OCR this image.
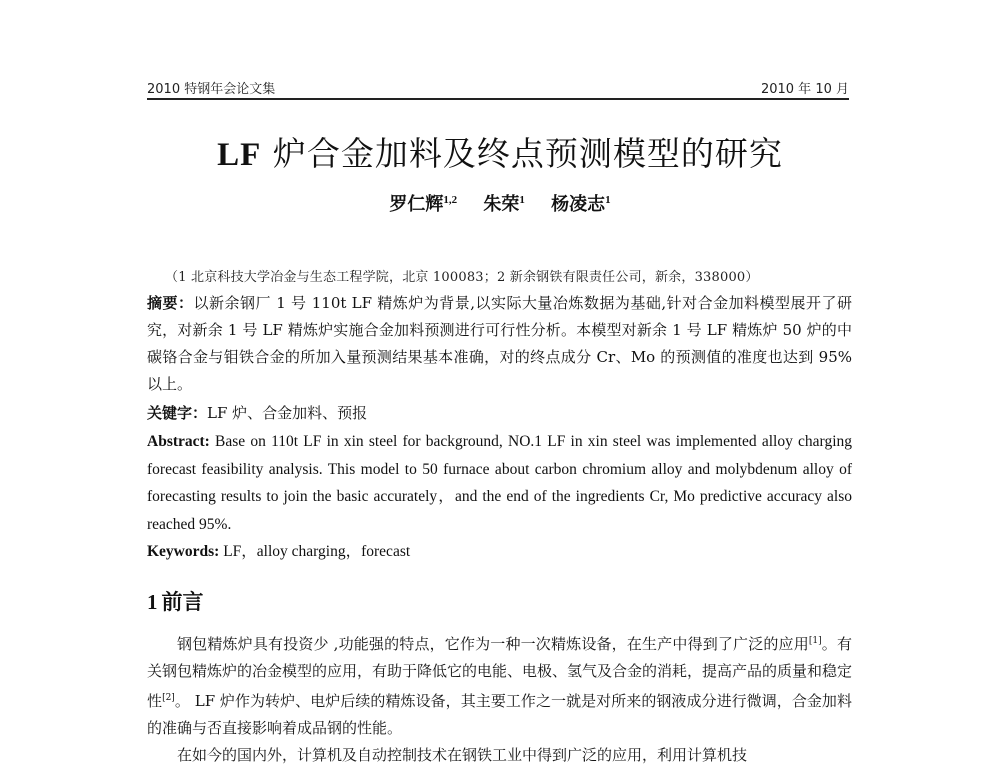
2010 特钢年会论文集	2010 年 10 月
LF 炉合金加料及终点预测模型的研究
罗仁辉$^{1,2}$ 朱荣$^1$ 杨凌志$^1$
（1 北京科技大学冶金与生态工程学院，北京 100083；2 新余钢铁有限责任公司，新余，338000）
摘要：以新余钢厂 1 号 110t LF 精炼炉为背景,以实际大量冶炼数据为基础,针对合金加料模型展开了研究，对新余 1 号 LF 精炼炉实施合金加料预测进行可行性分析。本模型对新余 1 号 LF 精炼炉 50 炉的中碳铬合金与钼铁合金的所加入量预测结果基本准确，对的终点成分 Cr、Mo 的预测值的准度也达到 95%以上。
关键字：LF 炉、合金加料、预报
Abstract: Base on 110t LF in xin steel for background, NO.1 LF in xin steel was implemented alloy charging forecast feasibility analysis. This model to 50 furnace about carbon chromium alloy and molybdenum alloy of forecasting results to join the basic accurately，and the end of the ingredients Cr, Mo predictive accuracy also reached 95%.
Keywords: LF，alloy charging，forecast
1 前言

钢包精炼炉具有投资少 ,功能强的特点，它作为一种一次精炼设备，在生产中得到了广泛的应用[1]。有关钢包精炼炉的冶金模型的应用，有助于降低它的电能、电极、氢气及合金的消耗，提高产品的质量和稳定性[2]。 LF 炉作为转炉、电炉后续的精炼设备，其主要工作之一就是对所来的钢液成分进行微调，合金加料的准确与否直接影响着成品钢的性能。

在如今的国内外，计算机及自动控制技术在钢铁工业中得到广泛的应用，利用计算机技
